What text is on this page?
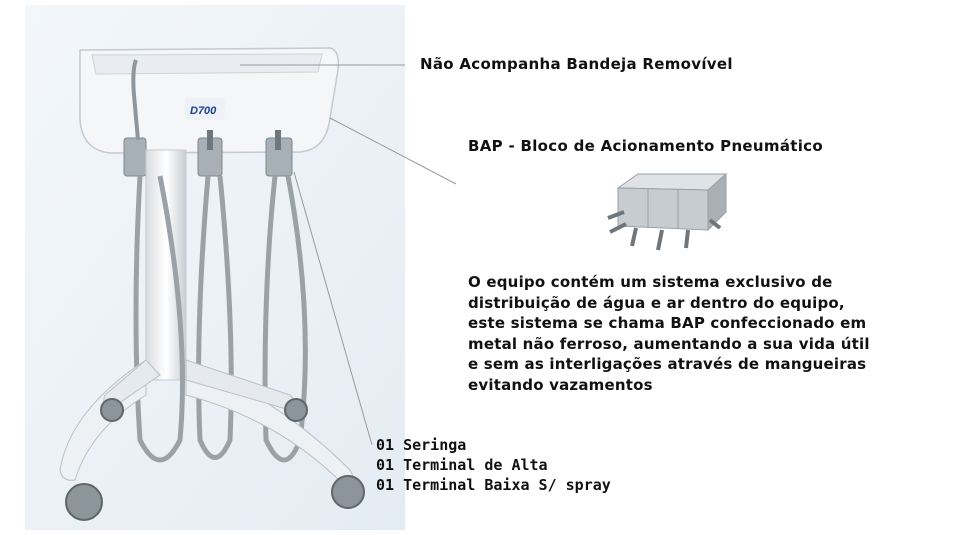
D700
Não Acompanha Bandeja Removível
BAP - Bloco de Acionamento Pneumático
O equipo contém um sistema exclusivo de
distribuição de água e ar dentro do equipo,
este sistema se chama BAP confeccionado em
metal não ferroso, aumentando a sua vida útil
e sem as interligações através de mangueiras
evitando vazamentos
01 Seringa
01 Terminal de Alta
01 Terminal Baixa S/ spray
